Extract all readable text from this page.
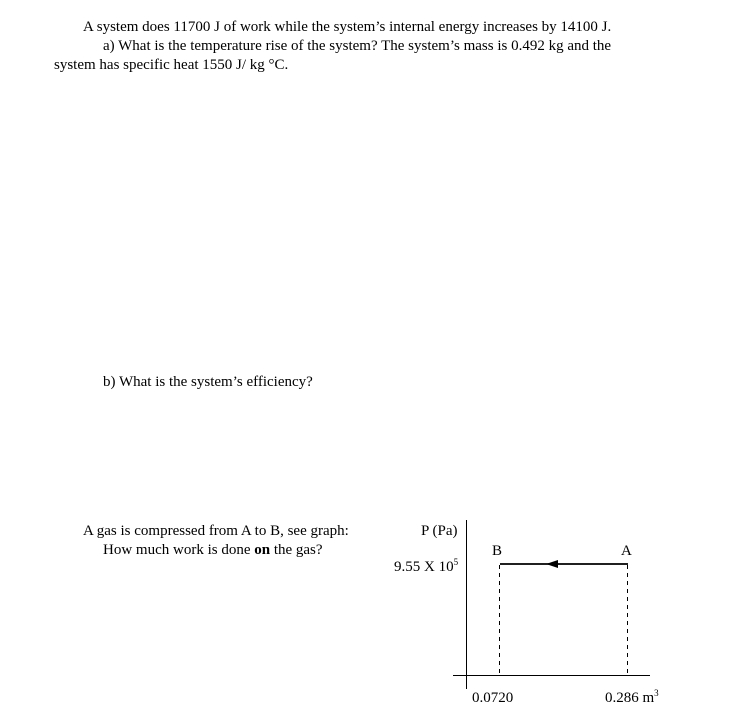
A system does 11700 J of work while the system’s internal energy increases by 14100 J.
a) What is the temperature rise of the system? The system’s mass is 0.492 kg and the
system has specific heat 1550 J/ kg °C.
b) What is the system’s efficiency?
A gas is compressed from A to B, see graph:
How much work is done on the gas?
P (Pa)
9.55 X $10^5$
B	A
0.0720	0.286 $m^3$
